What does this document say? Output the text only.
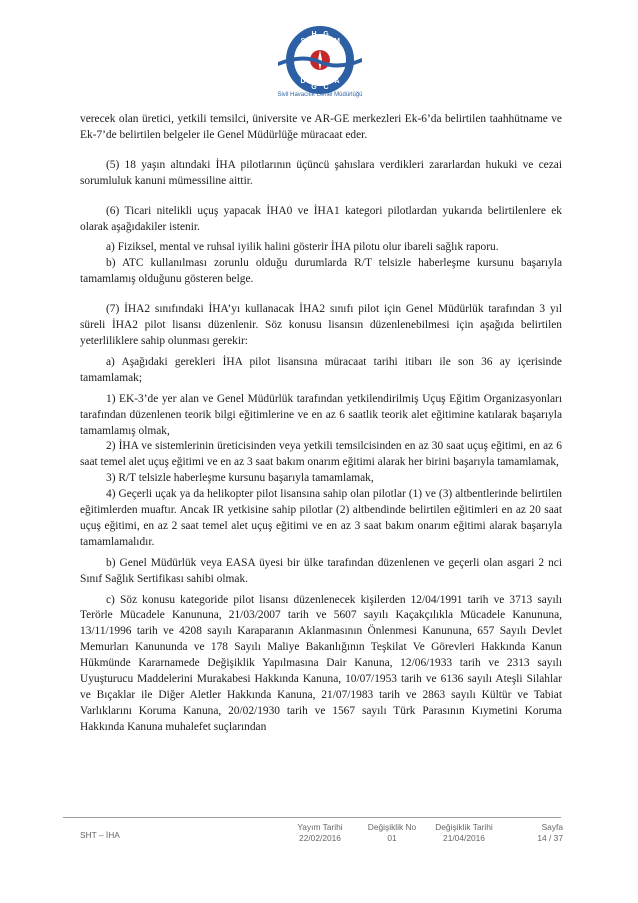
S
H G
M
D
G C
A
Sivil Havacılık Genel Müdürlüğü

verecek olan üretici, yetkili temsilci, üniversite ve AR-GE merkezleri Ek-6’da belirtilen taahhütname ve Ek-7’de belirtilen belgeler ile Genel Müdürlüğe müracaat eder.

(5) 18 yaşın altındaki İHA pilotlarının üçüncü şahıslara verdikleri zararlardan hukuki ve cezai sorumluluk kanuni mümessiline aittir.

(6) Ticari nitelikli uçuş yapacak İHA0 ve İHA1 kategori pilotlardan yukarıda belirtilenlere ek olarak aşağıdakiler istenir.

a) Fiziksel, mental ve ruhsal iyilik halini gösterir İHA pilotu olur ibareli sağlık raporu.

b) ATC kullanılması zorunlu olduğu durumlarda R/T telsizle haberleşme kursunu başarıyla tamamlamış olduğunu gösteren belge.

(7) İHA2 sınıfındaki İHA’yı kullanacak İHA2 sınıfı pilot için Genel Müdürlük tarafından 3 yıl süreli İHA2 pilot lisansı düzenlenir. Söz konusu lisansın düzenlenebilmesi için aşağıda belirtilen yeterliliklere sahip olunması gerekir:

a) Aşağıdaki gerekleri İHA pilot lisansına müracaat tarihi itibarı ile son 36 ay içerisinde tamamlamak;

1) EK-3’de yer alan ve Genel Müdürlük tarafından yetkilendirilmiş Uçuş Eğitim Organizasyonları tarafından düzenlenen teorik bilgi eğitimlerine ve en az 6 saatlik teorik alet eğitimine katılarak başarıyla tamamlamış olmak,

2) İHA ve sistemlerinin üreticisinden veya yetkili temsilcisinden en az 30 saat uçuş eğitimi, en az 6 saat temel alet uçuş eğitimi ve en az 3 saat bakım onarım eğitimi alarak her birini başarıyla tamamlamak,

3) R/T telsizle haberleşme kursunu başarıyla tamamlamak,

4) Geçerli uçak ya da helikopter pilot lisansına sahip olan pilotlar (1) ve (3) altbentlerinde belirtilen eğitimlerden muaftır. Ancak IR yetkisine sahip pilotlar (2) altbendinde belirtilen eğitimleri en az 20 saat uçuş eğitimi, en az 2 saat temel alet uçuş eğitimi ve en az 3 saat bakım onarım eğitimi alarak başarıyla tamamlamalıdır.

b) Genel Müdürlük veya EASA üyesi bir ülke tarafından düzenlenen ve geçerli olan asgari 2 nci Sınıf Sağlık Sertifikası sahibi olmak.

c) Söz konusu kategoride pilot lisansı düzenlenecek kişilerden 12/04/1991 tarih ve 3713 sayılı Terörle Mücadele Kanununa, 21/03/2007 tarih ve 5607 sayılı Kaçakçılıkla Mücadele Kanununa, 13/11/1996 tarih ve 4208 sayılı Karaparanın Aklanmasının Önlenmesi Kanununa, 657 Sayılı Devlet Memurları Kanununda ve 178 Sayılı Maliye Bakanlığının Teşkilat Ve Görevleri Hakkında Kanun Hükmünde Kararnamede Değişiklik Yapılmasına Dair Kanuna, 12/06/1933 tarih ve 2313 sayılı Uyuşturucu Maddelerini Murakabesi Hakkında Kanuna, 10/07/1953 tarih ve 6136 sayılı Ateşli Silahlar ve Bıçaklar ile Diğer Aletler Hakkında Kanuna, 21/07/1983 tarih ve 2863 sayılı Kültür ve Tabiat Varlıklarını Koruma Kanuna, 20/02/1930 tarih ve 1567 sayılı Türk Parasının Kıymetini Koruma Hakkında Kanuna muhalefet suçlarından

SHT – İHA
Yayım Tarihi
22/02/2016
Değişiklik No
01
Değişiklik Tarihi
21/04/2016
Sayfa
14 / 37
